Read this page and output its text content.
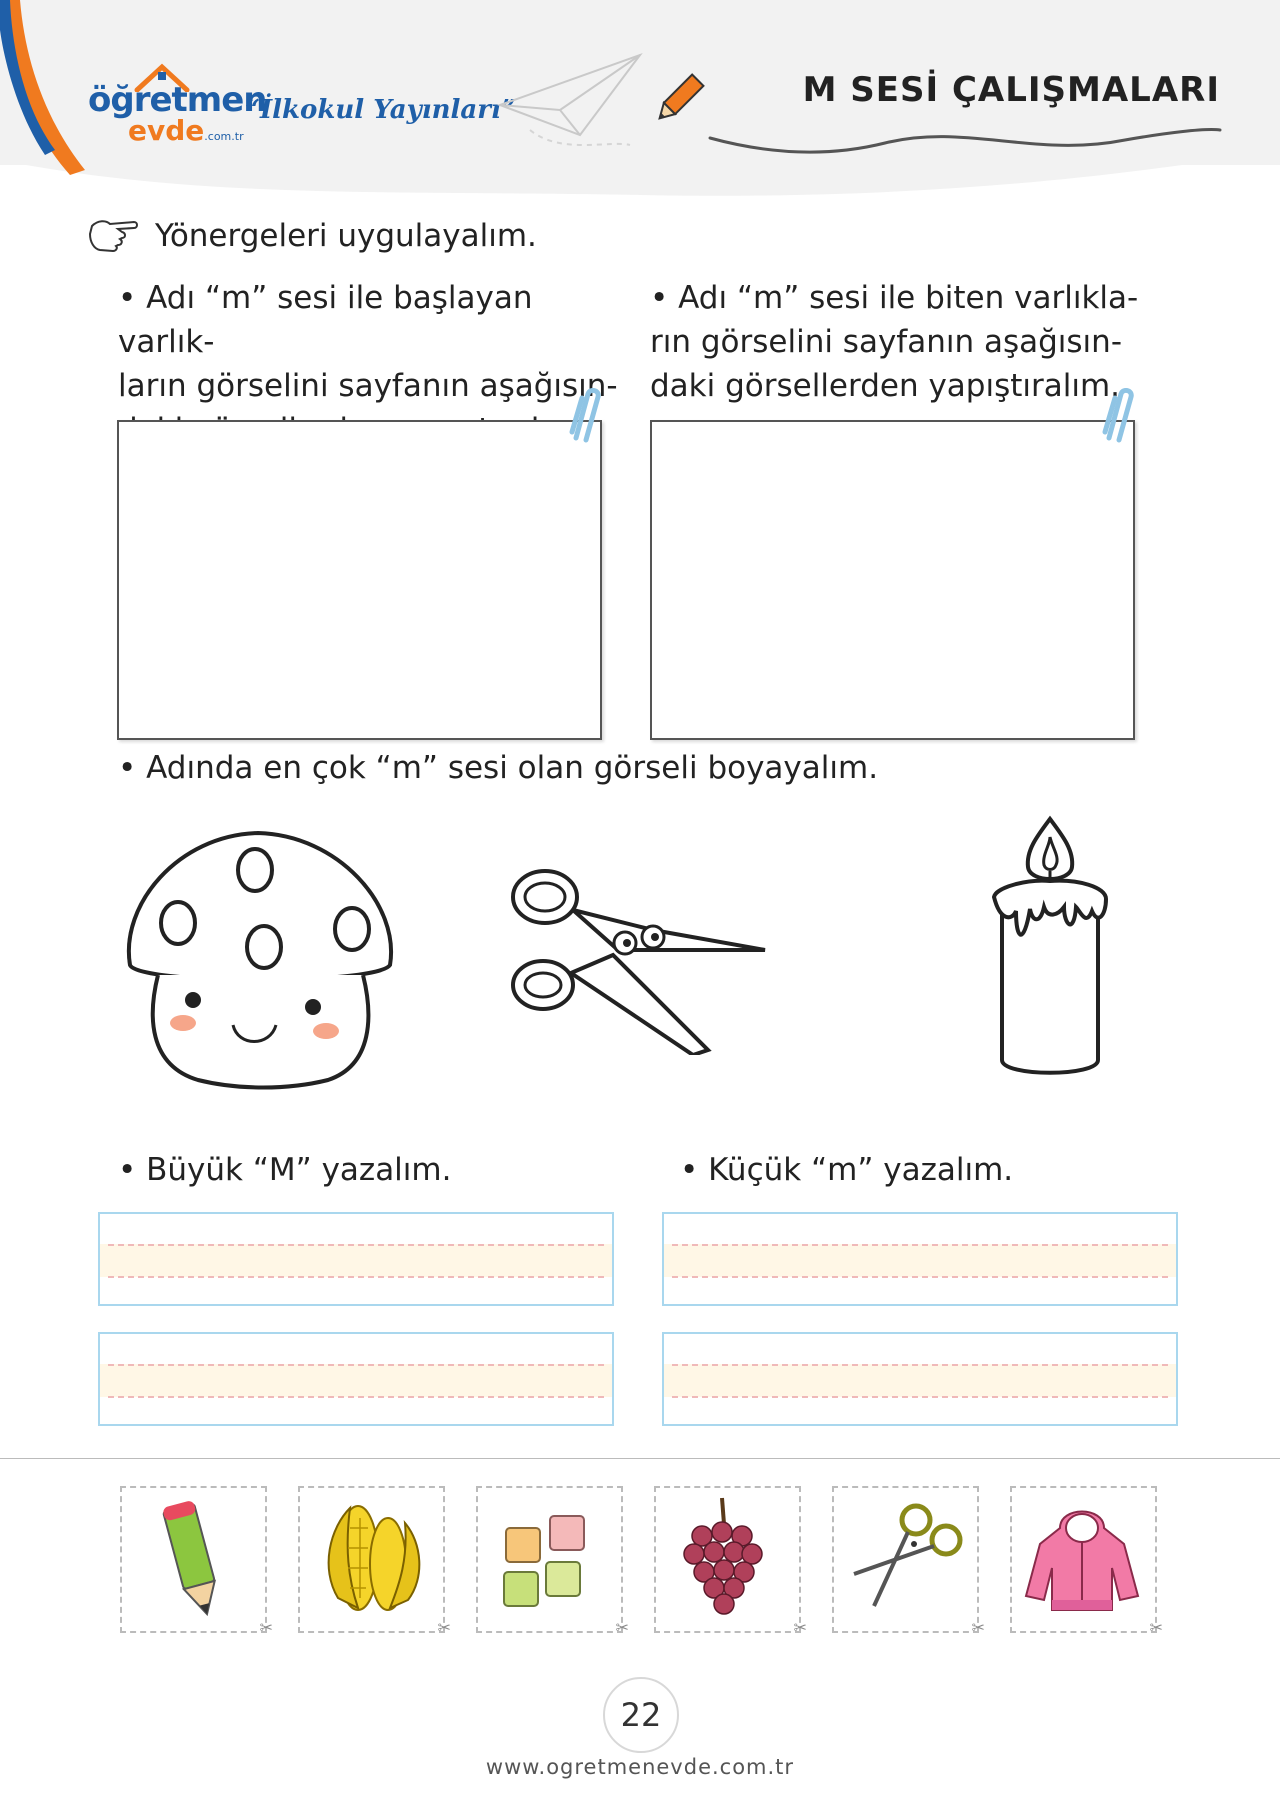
öğretmen
evde.com.tr
“İlkokul Yayınları”	M SESİ ÇALIŞMALARI
Yönergeleri uygulayalım.
• Adı “m” sesi ile başlayan varlık-
ların görselini sayfanın aşağısın-
• Adı “m” sesi ile biten varlıkla-
rın görselini sayfanın aşağısın-
daki görsellerden yapıştıralım.
• Adında en çok “m” sesi olan görseli boyayalım.
• Büyük “M” yazalım.	• Küçük “m” yazalım.
✂	✂	✂	✂	✂	✂
22
www.ogretmenevde.com.tr
